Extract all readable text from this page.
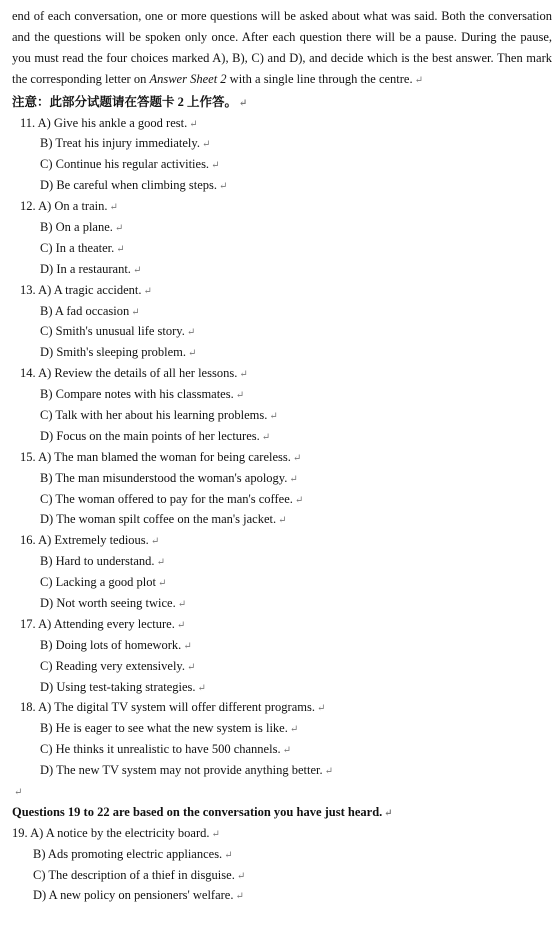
end of each conversation, one or more questions will be asked about what was said. Both the conversation and the questions will be spoken only once. After each question there will be a pause. During the pause, you must read the four choices marked A), B), C) and D), and decide which is the best answer. Then mark the corresponding letter on Answer Sheet 2 with a single line through the centre. ↵

注意：此部分试题请在答题卡 2 上作答。 ↵
11. A) Give his ankle a good rest. ↵
B) Treat his injury immediately. ↵
C) Continue his regular activities. ↵
D) Be careful when climbing steps. ↵
12. A) On a train. ↵
B) On a plane. ↵
C) In a theater. ↵
D) In a restaurant. ↵
13. A) A tragic accident. ↵
B) A fad occasion ↵
C) Smith's unusual life story. ↵
D) Smith's sleeping problem. ↵
14. A) Review the details of all her lessons. ↵
B) Compare notes with his classmates. ↵
C) Talk with her about his learning problems. ↵
D) Focus on the main points of her lectures. ↵
15. A) The man blamed the woman for being careless. ↵
B) The man misunderstood the woman's apology. ↵
C) The woman offered to pay for the man's coffee. ↵
D) The woman spilt coffee on the man's jacket. ↵
16. A) Extremely tedious. ↵
B) Hard to understand. ↵
C) Lacking a good plot ↵
D) Not worth seeing twice. ↵
17. A) Attending every lecture. ↵
B) Doing lots of homework. ↵
C) Reading very extensively. ↵
D) Using test-taking strategies. ↵
18. A) The digital TV system will offer different programs. ↵
B) He is eager to see what the new system is like. ↵
C) He thinks it unrealistic to have 500 channels. ↵
D) The new TV system may not provide anything better. ↵
↵
Questions 19 to 22 are based on the conversation you have just heard. ↵
19. A) A notice by the electricity board. ↵
B) Ads promoting electric appliances. ↵
C) The description of a thief in disguise. ↵
D) A new policy on pensioners' welfare. ↵
